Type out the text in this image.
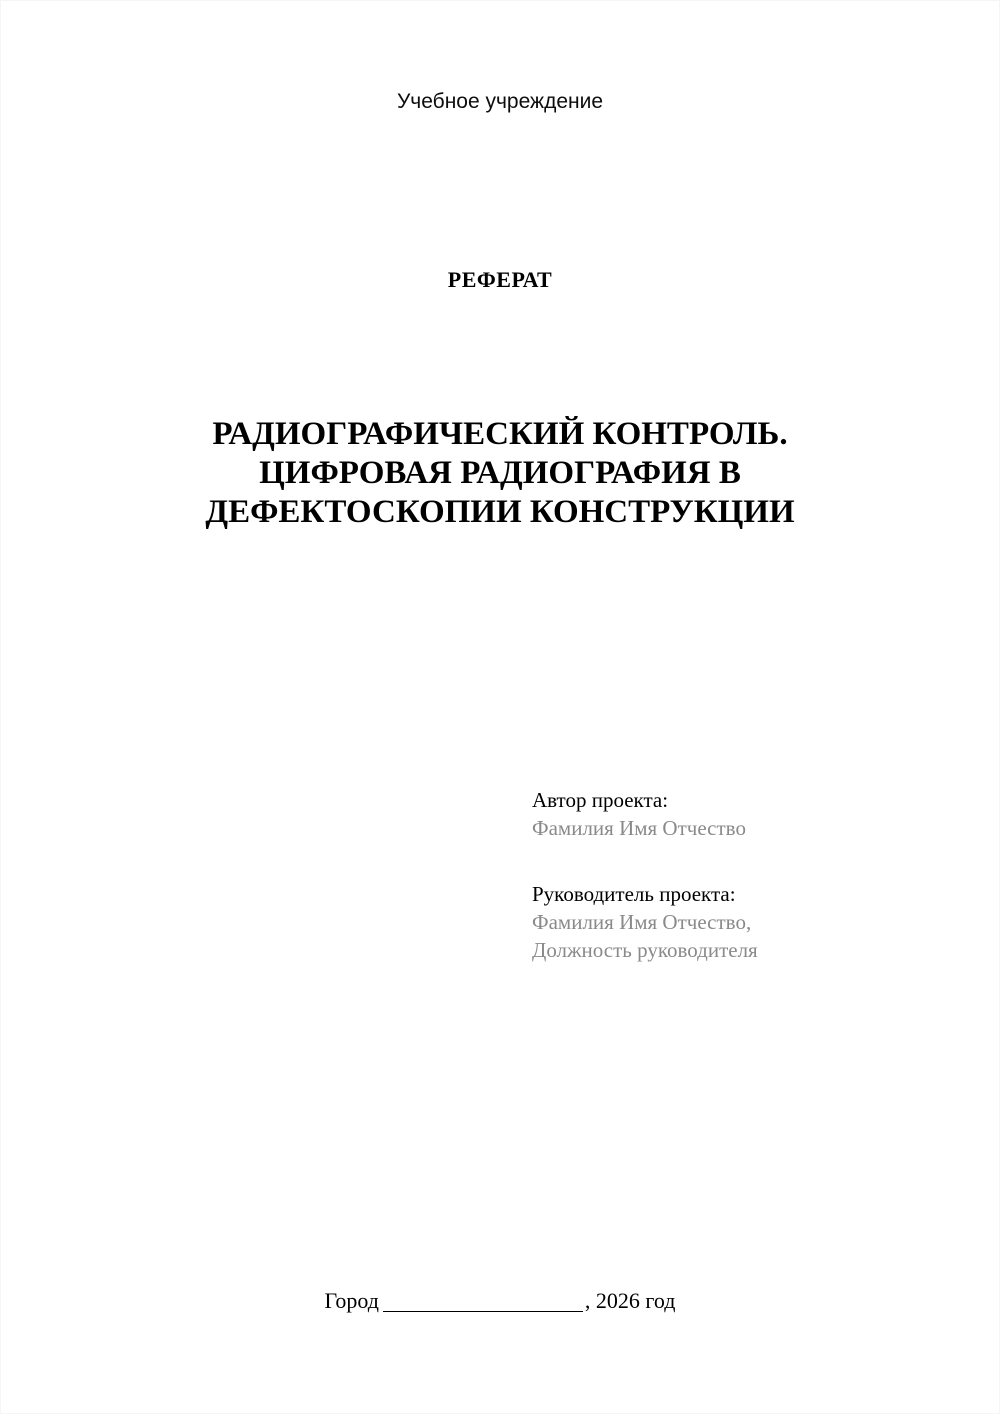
Учебное учреждение
РЕФЕРАТ
РАДИОГРАФИЧЕСКИЙ КОНТРОЛЬ. ЦИФРОВАЯ РАДИОГРАФИЯ В ДЕФЕКТОСКОПИИ КОНСТРУКЦИИ

Автор проекта:

Фамилия Имя Отчество

Руководитель проекта:

Фамилия Имя Отчество,

Должность руководителя

Город	, 2026 год
